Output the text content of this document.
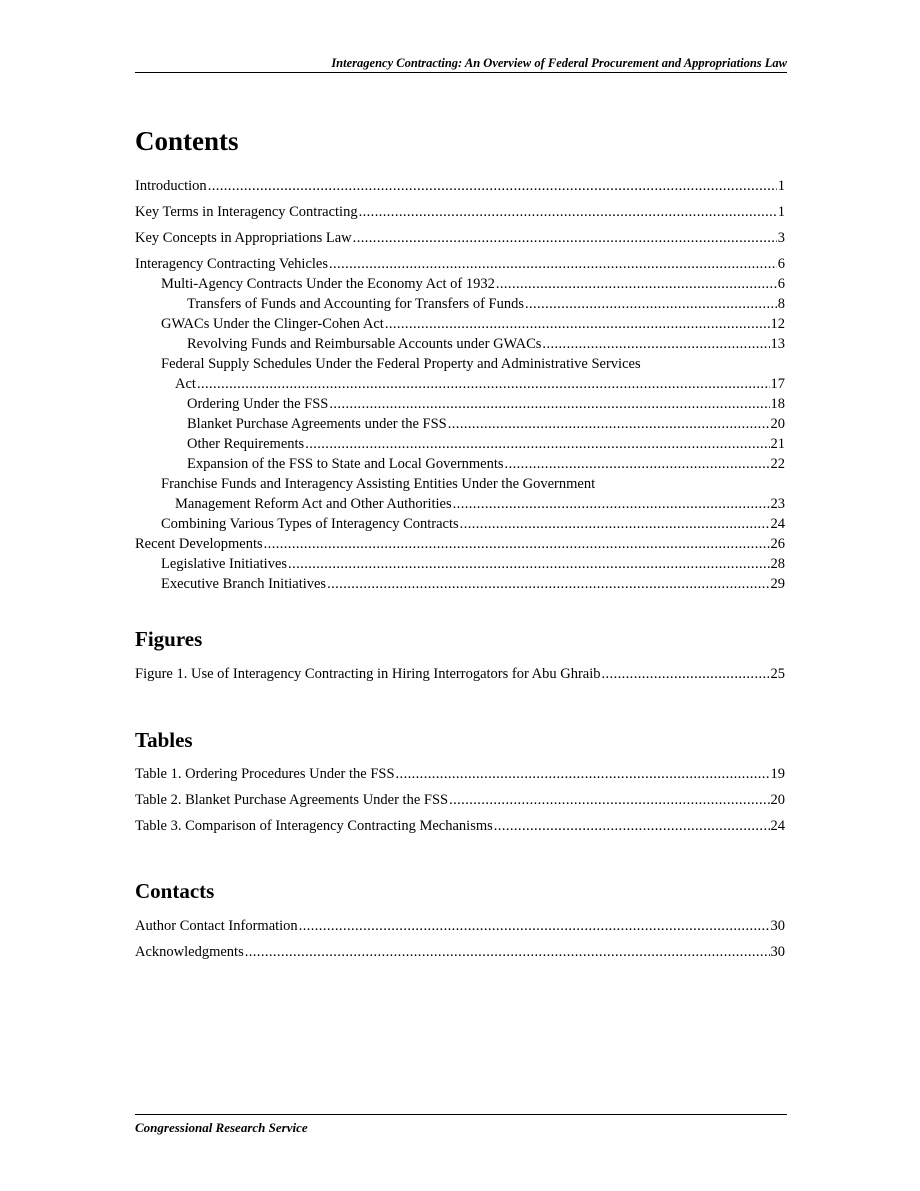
Interagency Contracting: An Overview of Federal Procurement and Appropriations Law
Contents
Introduction .....	1
Key Terms in Interagency Contracting .....	1
Key Concepts in Appropriations Law .....	3
Interagency Contracting Vehicles .....	6
Multi-Agency Contracts Under the Economy Act of 1932 .....	6
Transfers of Funds and Accounting for Transfers of Funds .....	8
GWACs Under the Clinger-Cohen Act .....	12
Revolving Funds and Reimbursable Accounts under GWACs .....	13
Federal Supply Schedules Under the Federal Property and Administrative Services
Act .....	17
Ordering Under the FSS .....	18
Blanket Purchase Agreements under the FSS .....	20
Other Requirements .....	21
Expansion of the FSS to State and Local Governments .....	22
Franchise Funds and Interagency Assisting Entities Under the Government
Management Reform Act and Other Authorities .....	23
Combining Various Types of Interagency Contracts .....	24
Recent Developments .....	26
Legislative Initiatives .....	28
Executive Branch Initiatives .....	29
Figures
Figure 1. Use of Interagency Contracting in Hiring Interrogators for Abu Ghraib .....	25
Tables
Table 1. Ordering Procedures Under the FSS .....	19
Table 2. Blanket Purchase Agreements Under the FSS .....	20
Table 3. Comparison of Interagency Contracting Mechanisms .....	24
Contacts
Author Contact Information .....	30
Acknowledgments .....	30
Congressional Research Service
